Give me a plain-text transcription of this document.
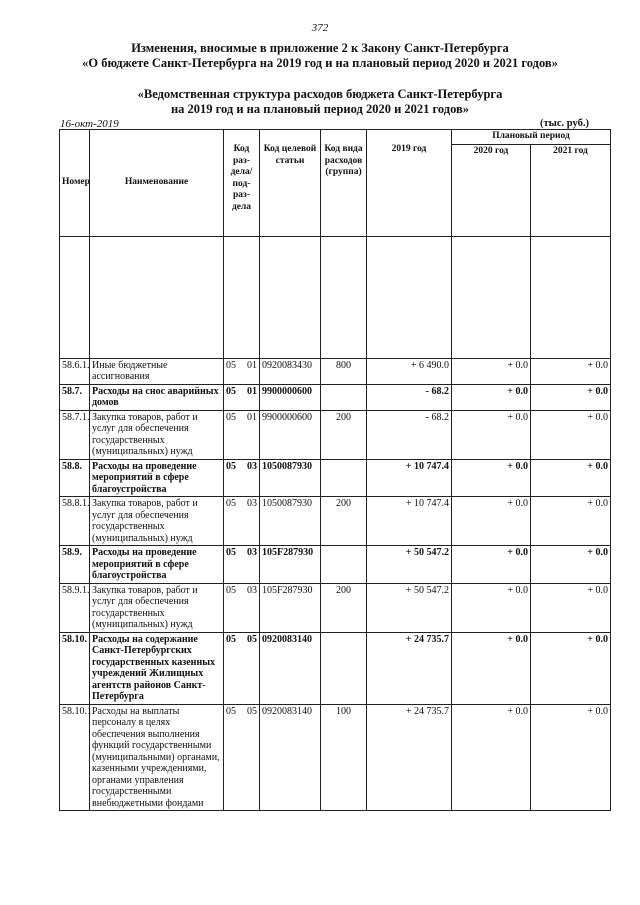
372
Изменения, вносимые в приложение 2 к Закону Санкт-Петербурга
«О бюджете Санкт-Петербурга на 2019 год и на плановый период 2020 и 2021 годов»
«Ведомственная структура расходов бюджета Санкт-Петербурга
на 2019 год и на плановый период 2020 и 2021 годов»
16-окт-2019	(тыс. руб.)
Номер	Наименование	Код раз- дела/ под- раз- дела	Код целевой статьи	Код вида расходов (группа)	2019 год	Плановый период	
						2020 год	2021 год

58.6.1.	Иные бюджетные ассигнования	05 01	0920083430	800	+ 6 490.0	+ 0.0	+ 0.0
58.7.	Расходы на снос аварийных домов	05 01	9900000600		- 68.2	+ 0.0	+ 0.0
58.7.1.	Закупка товаров, работ и услуг для обеспечения государственных (муниципальных) нужд	05 01	9900000600	200	- 68.2	+ 0.0	+ 0.0
58.8.	Расходы на проведение мероприятий в сфере благоустройства	05 03	1050087930		+ 10 747.4	+ 0.0	+ 0.0
58.8.1.	Закупка товаров, работ и услуг для обеспечения государственных (муниципальных) нужд	05 03	1050087930	200	+ 10 747.4	+ 0.0	+ 0.0
58.9.	Расходы на проведение мероприятий в сфере благоустройства	05 03	105F287930		+ 50 547.2	+ 0.0	+ 0.0
58.9.1.	Закупка товаров, работ и услуг для обеспечения государственных (муниципальных) нужд	05 03	105F287930	200	+ 50 547.2	+ 0.0	+ 0.0
58.10.	Расходы на содержание Санкт-Петербургских государственных казенных учреждений Жилищных агентств районов Санкт-Петербурга	05 05	0920083140		+ 24 735.7	+ 0.0	+ 0.0
58.10.1.	Расходы на выплаты персоналу в целях обеспечения выполнения функций государственными (муниципальными) органами, казенными учреждениями, органами управления государственными внебюджетными фондами	05 05	0920083140	100	+ 24 735.7	+ 0.0	+ 0.0
